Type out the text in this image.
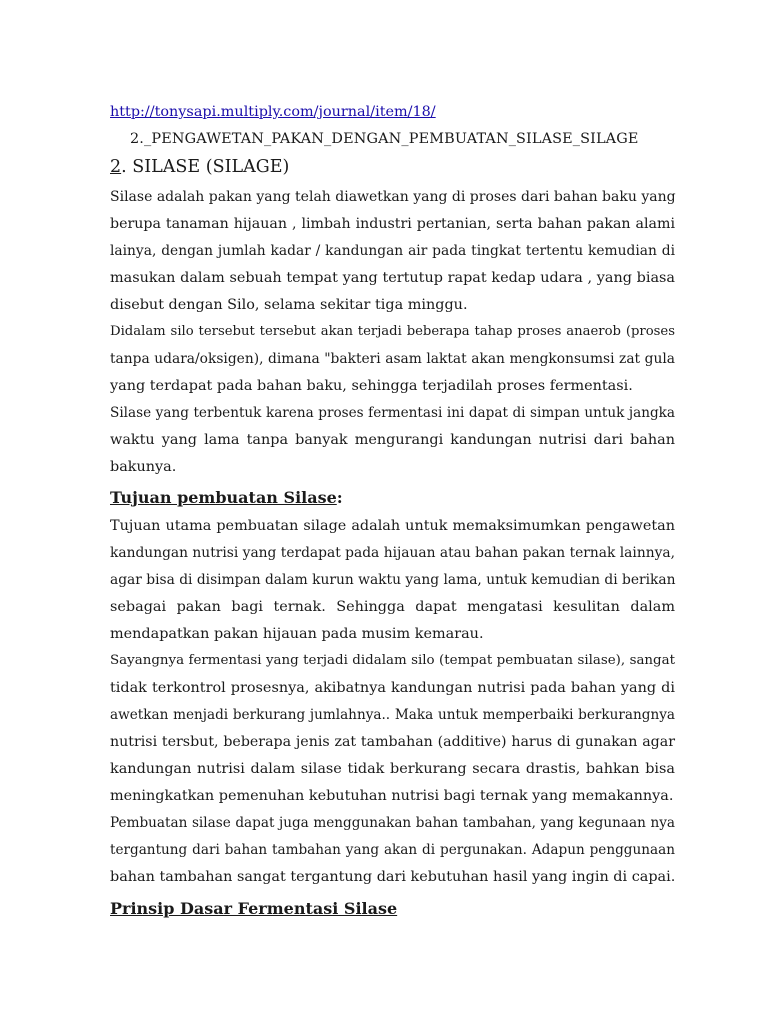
http://tonysapi.multiply.com/journal/item/18/
2._PENGAWETAN_PAKAN_DENGAN_PEMBUATAN_SILASE_SILAGE
2. SILASE (SILAGE)
Silase adalah pakan yang telah diawetkan yang di proses dari bahan baku yang
berupa tanaman hijauan , limbah industri pertanian, serta bahan pakan alami
lainya, dengan jumlah kadar / kandungan air pada tingkat tertentu kemudian di
masukan dalam sebuah tempat yang tertutup rapat kedap udara , yang biasa
disebut dengan Silo, selama sekitar tiga minggu.
Didalam silo tersebut tersebut akan terjadi beberapa tahap proses anaerob (proses
tanpa udara/oksigen), dimana "bakteri asam laktat akan mengkonsumsi zat gula
yang terdapat pada bahan baku, sehingga terjadilah proses fermentasi.
Silase yang terbentuk karena proses fermentasi ini dapat di simpan untuk jangka
waktu yang lama tanpa banyak mengurangi kandungan nutrisi dari bahan
bakunya.
Tujuan pembuatan Silase:
Tujuan utama pembuatan silage adalah untuk memaksimumkan pengawetan
kandungan nutrisi yang terdapat pada hijauan atau bahan pakan ternak lainnya,
agar bisa di disimpan dalam kurun waktu yang lama, untuk kemudian di berikan
sebagai pakan bagi ternak. Sehingga dapat mengatasi kesulitan dalam
mendapatkan pakan hijauan pada musim kemarau.
Sayangnya fermentasi yang terjadi didalam silo (tempat pembuatan silase), sangat
tidak terkontrol prosesnya, akibatnya kandungan nutrisi pada bahan yang di
awetkan menjadi berkurang jumlahnya.. Maka untuk memperbaiki berkurangnya
nutrisi tersbut, beberapa jenis zat tambahan (additive) harus di gunakan agar
kandungan nutrisi dalam silase tidak berkurang secara drastis, bahkan bisa
meningkatkan pemenuhan kebutuhan nutrisi bagi ternak yang memakannya.
Pembuatan silase dapat juga menggunakan bahan tambahan, yang kegunaan nya
tergantung dari bahan tambahan yang akan di pergunakan. Adapun penggunaan
bahan tambahan sangat tergantung dari kebutuhan hasil yang ingin di capai.
Prinsip Dasar Fermentasi Silase
